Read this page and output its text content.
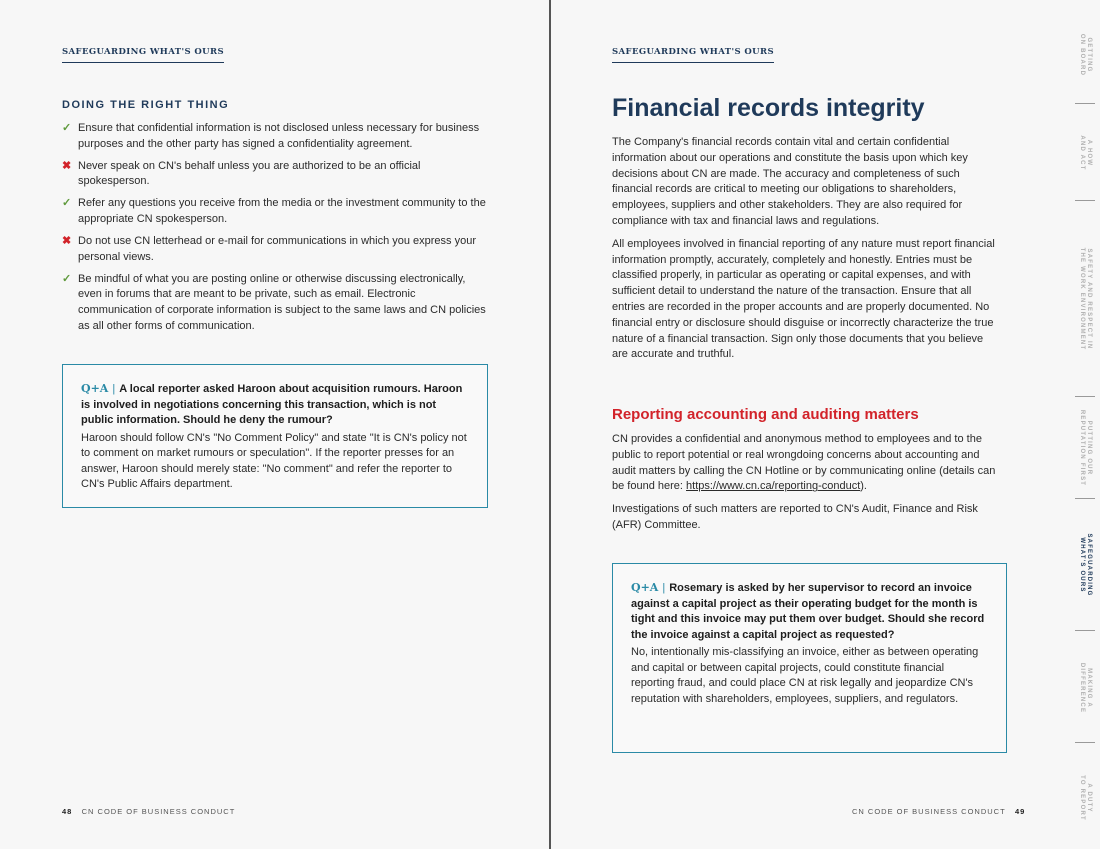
SAFEGUARDING WHAT'S OURS
DOING THE RIGHT THING
✓ Ensure that confidential information is not disclosed unless necessary for business purposes and the other party has signed a confidentiality agreement.
✖ Never speak on CN's behalf unless you are authorized to be an official spokesperson.
✓ Refer any questions you receive from the media or the investment community to the appropriate CN spokesperson.
✖ Do not use CN letterhead or e-mail for communications in which you express your personal views.
✓ Be mindful of what you are posting online or otherwise discussing electronically, even in forums that are meant to be private, such as email. Electronic communication of corporate information is subject to the same laws and CN policies as all other forms of communication.
Q+A | A local reporter asked Haroon about acquisition rumours. Haroon is involved in negotiations concerning this transaction, which is not public information. Should he deny the rumour?
Haroon should follow CN's "No Comment Policy" and state "It is CN's policy not to comment on market rumours or speculation". If the reporter presses for an answer, Haroon should merely state: "No comment" and refer the reporter to CN's Public Affairs department.
48 CN CODE OF BUSINESS CONDUCT
SAFEGUARDING WHAT'S OURS
Financial records integrity

The Company's financial records contain vital and certain confidential information about our operations and constitute the basis upon which key decisions about CN are made. The accuracy and completeness of such financial records are critical to meeting our obligations to shareholders, employees, suppliers and other stakeholders. They are also required for compliance with tax and financial laws and regulations.

All employees involved in financial reporting of any nature must report financial information promptly, accurately, completely and honestly. Entries must be classified properly, in particular as operating or capital expenses, and with sufficient detail to understand the nature of the transaction. Ensure that all entries are recorded in the proper accounts and are properly documented. No financial entry or disclosure should disguise or incorrectly characterize the true nature of a financial transaction. Sign only those documents that you believe are accurate and truthful.

Reporting accounting and auditing matters

CN provides a confidential and anonymous method to employees and to the public to report potential or real wrongdoing concerns about accounting and audit matters by calling the CN Hotline or by communicating online (details can be found here: https://www.cn.ca/reporting-conduct).

Investigations of such matters are reported to CN's Audit, Finance and Risk (AFR) Committee.

Q+A | Rosemary is asked by her supervisor to record an invoice against a capital project as their operating budget for the month is tight and this invoice may put them over budget. Should she record the invoice against a capital project as requested?
No, intentionally mis-classifying an invoice, either as between operating and capital or between capital projects, could constitute financial reporting fraud, and could place CN at risk legally and jeopardize CN's reputation with shareholders, employees, suppliers, and regulators.
CN CODE OF BUSINESS CONDUCT 49
GETTING
ON BOARD
A HOW
AND ACT
SAFETY AND RESPECT IN
THE WORK ENVIRONMENT
PUTTING OUR
REPUTATION FIRST
SAFEGUARDING
WHAT'S OURS
MAKING A
DIFFERENCE
A DUTY
TO REPORT
